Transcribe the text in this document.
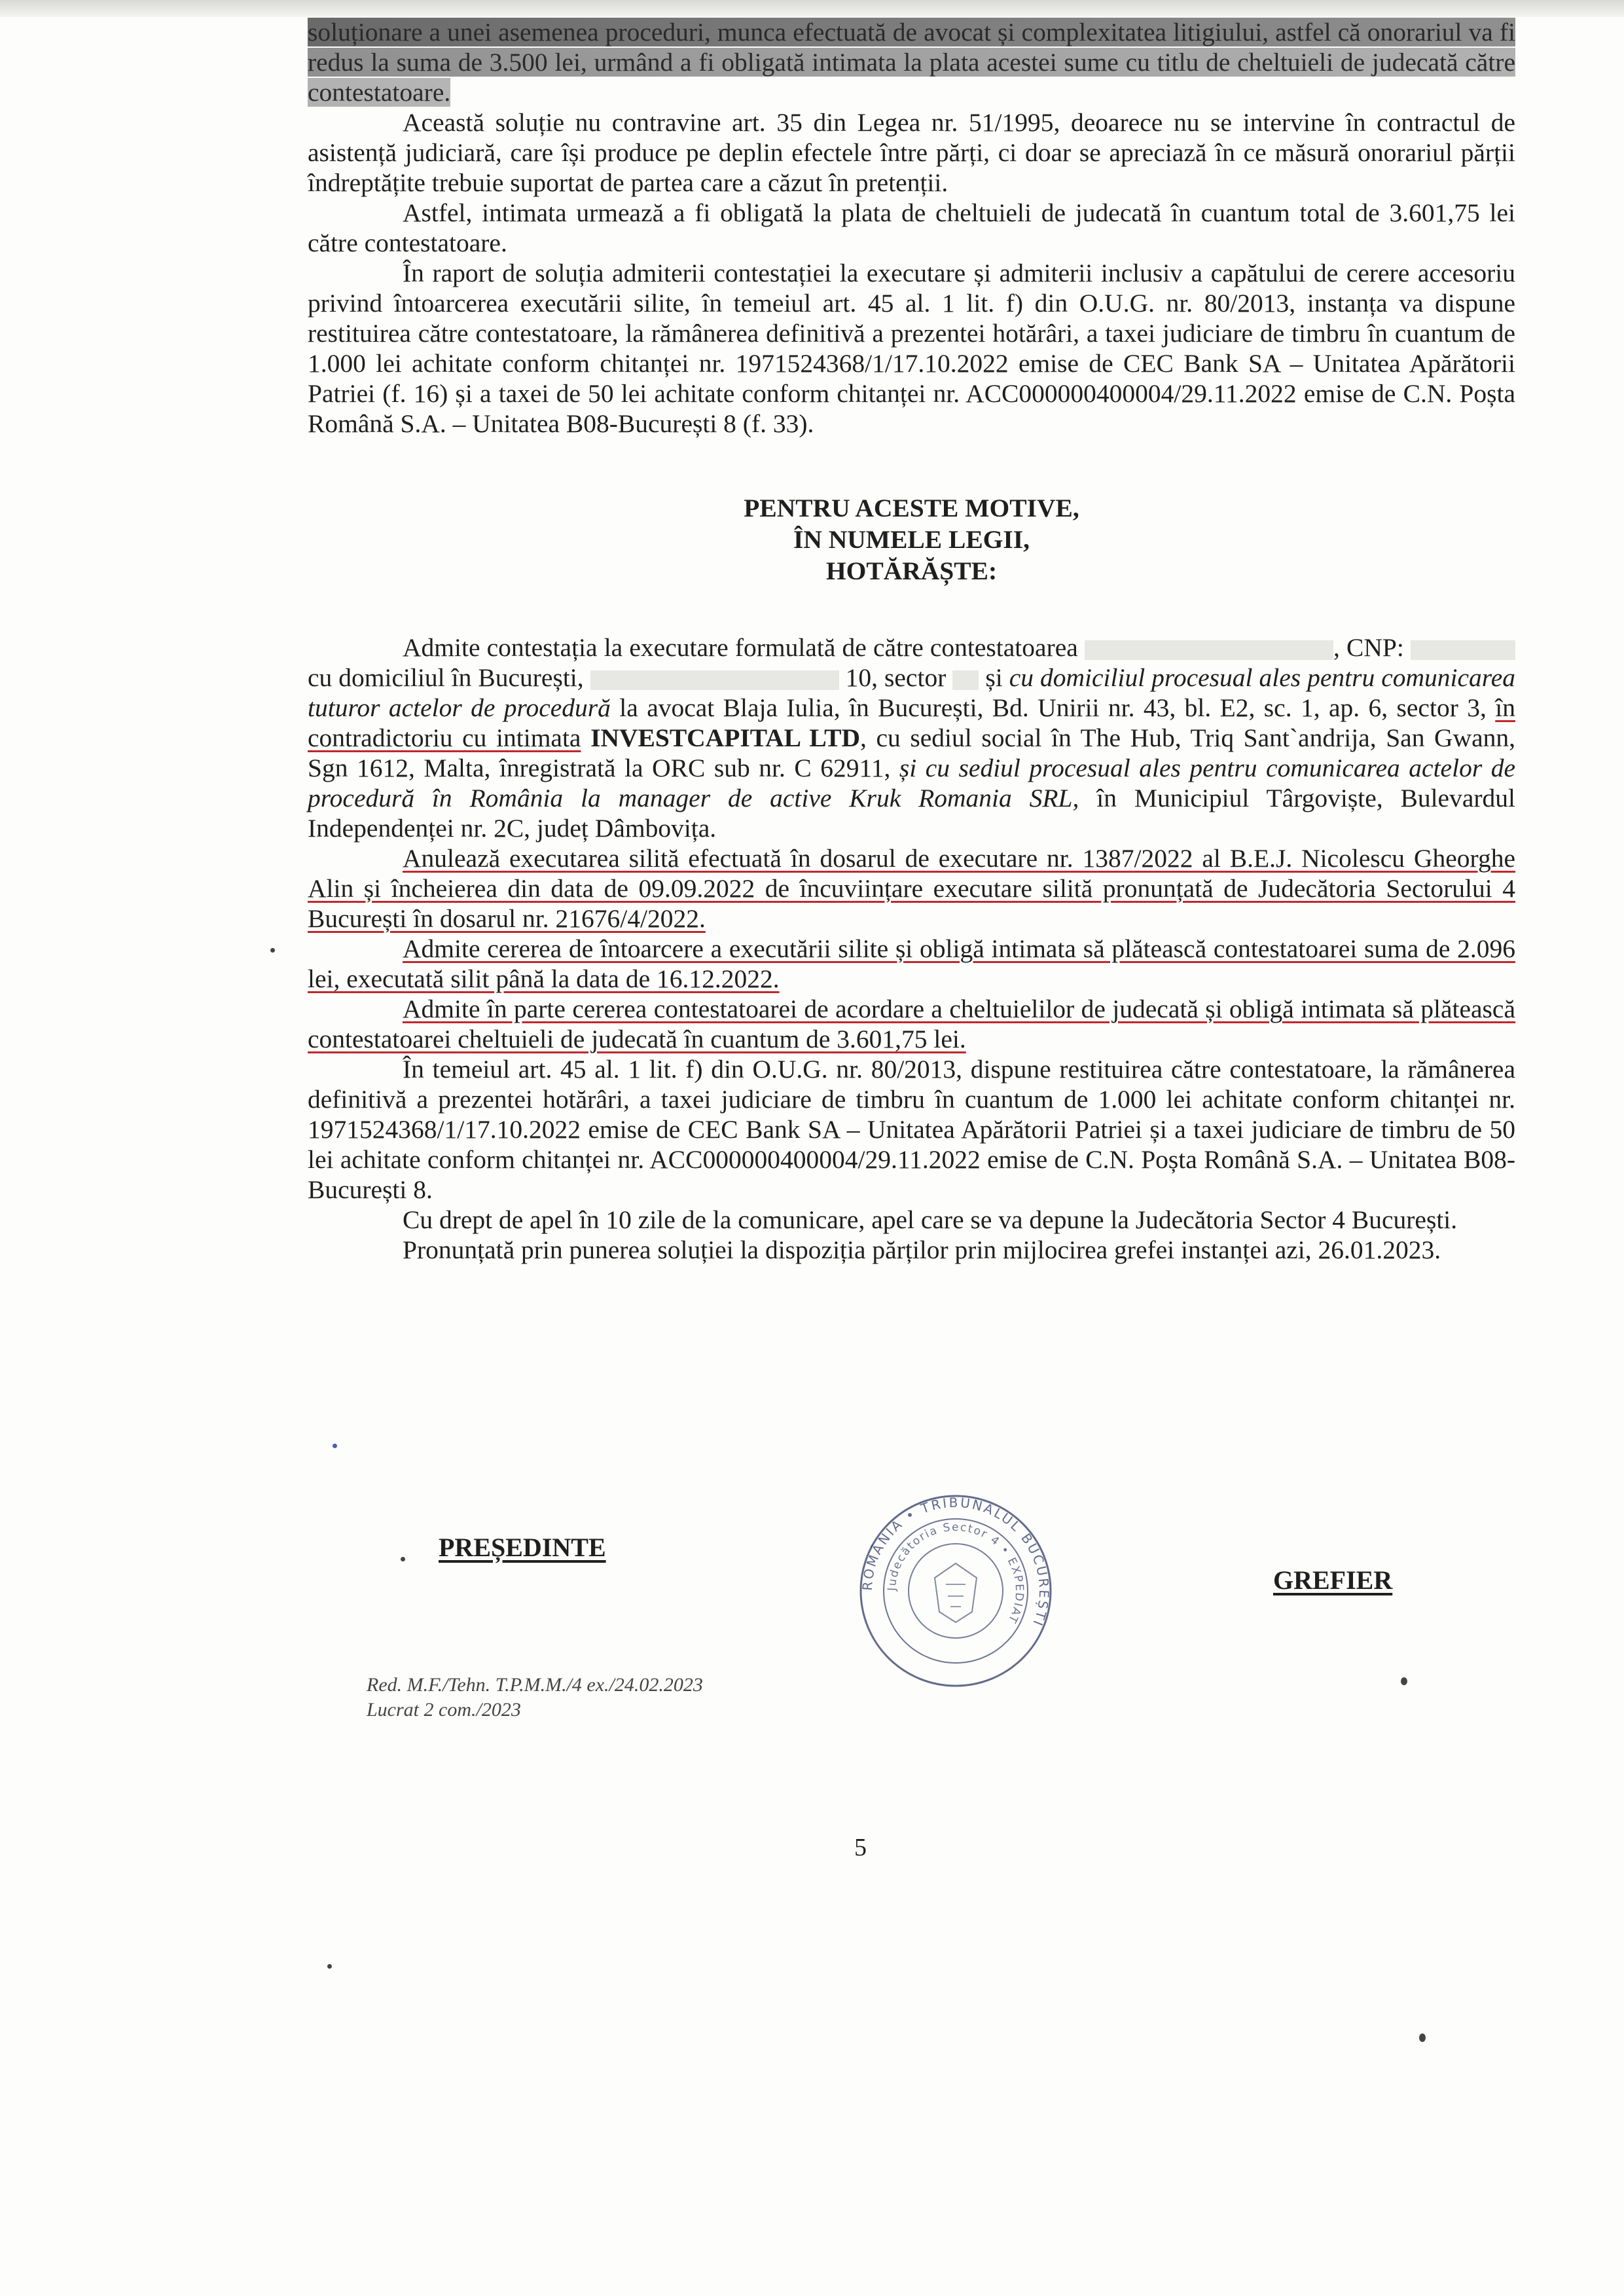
soluționare a unei asemenea proceduri, munca efectuată de avocat și complexitatea litigiului, astfel că onorariul va fi redus la suma de 3.500 lei, urmând a fi obligată intimata la plata acestei sume cu titlu de cheltuieli de judecată către contestatoare.

Această soluție nu contravine art. 35 din Legea nr. 51/1995, deoarece nu se intervine în contractul de asistență judiciară, care își produce pe deplin efectele între părți, ci doar se apreciază în ce măsură onorariul părții îndreptățite trebuie suportat de partea care a căzut în pretenții.

Astfel, intimata urmează a fi obligată la plata de cheltuieli de judecată în cuantum total de 3.601,75 lei către contestatoare.

În raport de soluția admiterii contestației la executare și admiterii inclusiv a capătului de cerere accesoriu privind întoarcerea executării silite, în temeiul art. 45 al. 1 lit. f) din O.U.G. nr. 80/2013, instanța va dispune restituirea către contestatoare, la rămânerea definitivă a prezentei hotărâri, a taxei judiciare de timbru în cuantum de 1.000 lei achitate conform chitanței nr. 1971524368/1/17.10.2022 emise de CEC Bank SA – Unitatea Apărătorii Patriei (f. 16) și a taxei de 50 lei achitate conform chitanței nr. ACC000000400004/29.11.2022 emise de C.N. Poșta Română S.A. – Unitatea B08-București 8 (f. 33).

PENTRU ACESTE MOTIVE,
ÎN NUMELE LEGII,
HOTĂRĂȘTE:

Admite contestația la executare formulată de către contestatoarea	, CNP:  cu domiciliul în București,	10, sector și cu domiciliul procesual ales pentru comunicarea tuturor actelor de procedură la avocat Blaja Iulia, în București, Bd. Unirii nr. 43, bl. E2, sc. 1, ap. 6, sector 3, în contradictoriu cu intimata INVESTCAPITAL LTD, cu sediul social în The Hub, Triq Sant`andrija, San Gwann, Sgn 1612, Malta, înregistrată la ORC sub nr. C 62911, și cu sediul procesual ales pentru comunicarea actelor de procedură în România la manager de active Kruk Romania SRL, în Municipiul Târgoviște, Bulevardul Independenței nr. 2C, județ Dâmbovița.

Anulează executarea silită efectuată în dosarul de executare nr. 1387/2022 al B.E.J. Nicolescu Gheorghe Alin și încheierea din data de 09.09.2022 de încuviințare executare silită pronunțată de Judecătoria Sectorului 4 București în dosarul nr. 21676/4/2022.

Admite cererea de întoarcere a executării silite și obligă intimata să plătească contestatoarei suma de 2.096 lei, executată silit până la data de 16.12.2022.

Admite în parte cererea contestatoarei de acordare a cheltuielilor de judecată și obligă intimata să plătească contestatoarei cheltuieli de judecată în cuantum de 3.601,75 lei.

În temeiul art. 45 al. 1 lit. f) din O.U.G. nr. 80/2013, dispune restituirea către contestatoare, la rămânerea definitivă a prezentei hotărâri, a taxei judiciare de timbru în cuantum de 1.000 lei achitate conform chitanței nr. 1971524368/1/17.10.2022 emise de CEC Bank SA – Unitatea Apărătorii Patriei și a taxei judiciare de timbru de 50 lei achitate conform chitanței nr. ACC000000400004/29.11.2022 emise de C.N. Poșta Română S.A. – Unitatea B08-București 8.

Cu drept de apel în 10 zile de la comunicare, apel care se va depune la Judecătoria Sector 4 București.

Pronunțată prin punerea soluției la dispoziția părților prin mijlocirea grefei instanței azi, 26.01.2023.

PREȘEDINTE
ROMÂNIA • TRIBUNALUL BUCUREȘTI
Judecătoria Sector 4 • EXPEDIAT
GREFIER
Red. M.F./Tehn. T.P.M.M./4 ex./24.02.2023
Lucrat 2 com./2023
5
